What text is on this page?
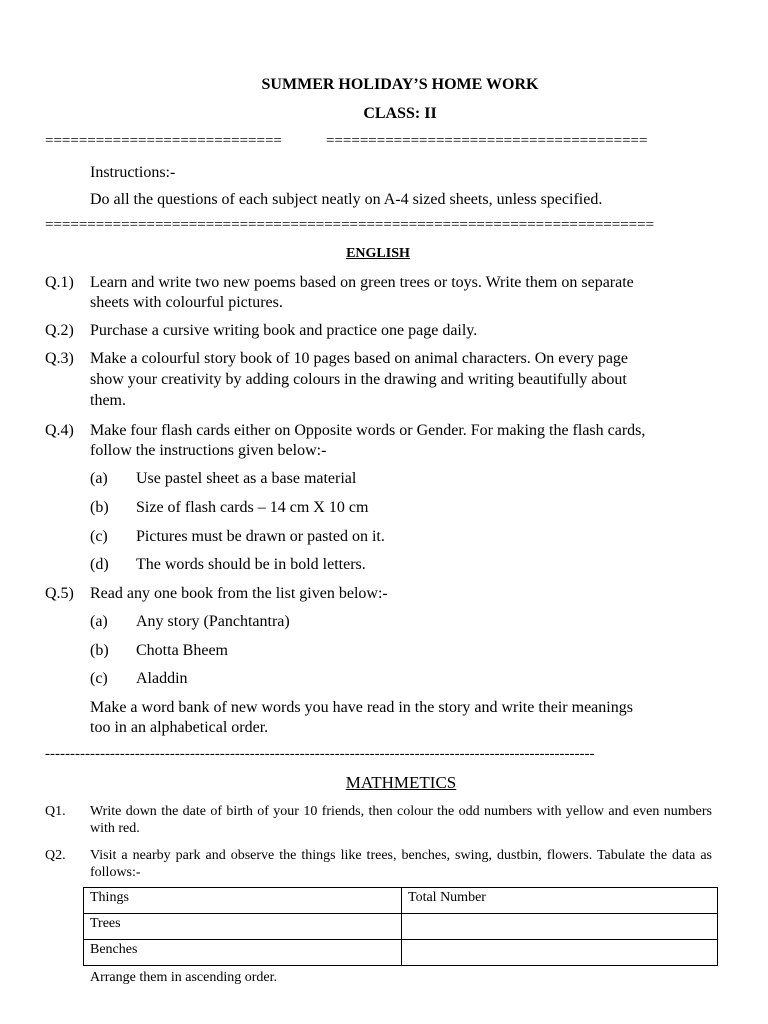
SUMMER HOLIDAY’S HOME WORK
CLASS: II
============================	======================================
Instructions:-
Do all the questions of each subject neatly on A-4 sized sheets, unless specified.
========================================================================
ENGLISH
Q.1) Learn and write two new poems based on green trees or toys. Write them on separate
sheets with colourful pictures.
Q.2) Purchase a cursive writing book and practice one page daily.
Q.3) Make a colourful story book of 10 pages based on animal characters. On every page
show your creativity by adding colours in the drawing and writing beautifully about
them.
Q.4) Make four flash cards either on Opposite words or Gender. For making the flash cards,
follow the instructions given below:-
(a) Use pastel sheet as a base material
(b) Size of flash cards – 14 cm X 10 cm
(c) Pictures must be drawn or pasted on it.
(d) The words should be in bold letters.
Q.5) Read any one book from the list given below:-
(a) Any story (Panchtantra)
(b) Chotta Bheem
(c) Aladdin
Make a word bank of new words you have read in the story and write their meanings
too in an alphabetical order.
--------------------------------------------------------------------------------------------------------------
MATHMETICS
Q1. Write down the date of birth of your 10 friends, then colour the odd numbers with yellow and even numbers with red.
Q2. Visit a nearby park and observe the things like trees, benches, swing, dustbin, flowers. Tabulate the data as follows:-
Things	Total Number
Trees	
Benches	
Arrange them in ascending order.
